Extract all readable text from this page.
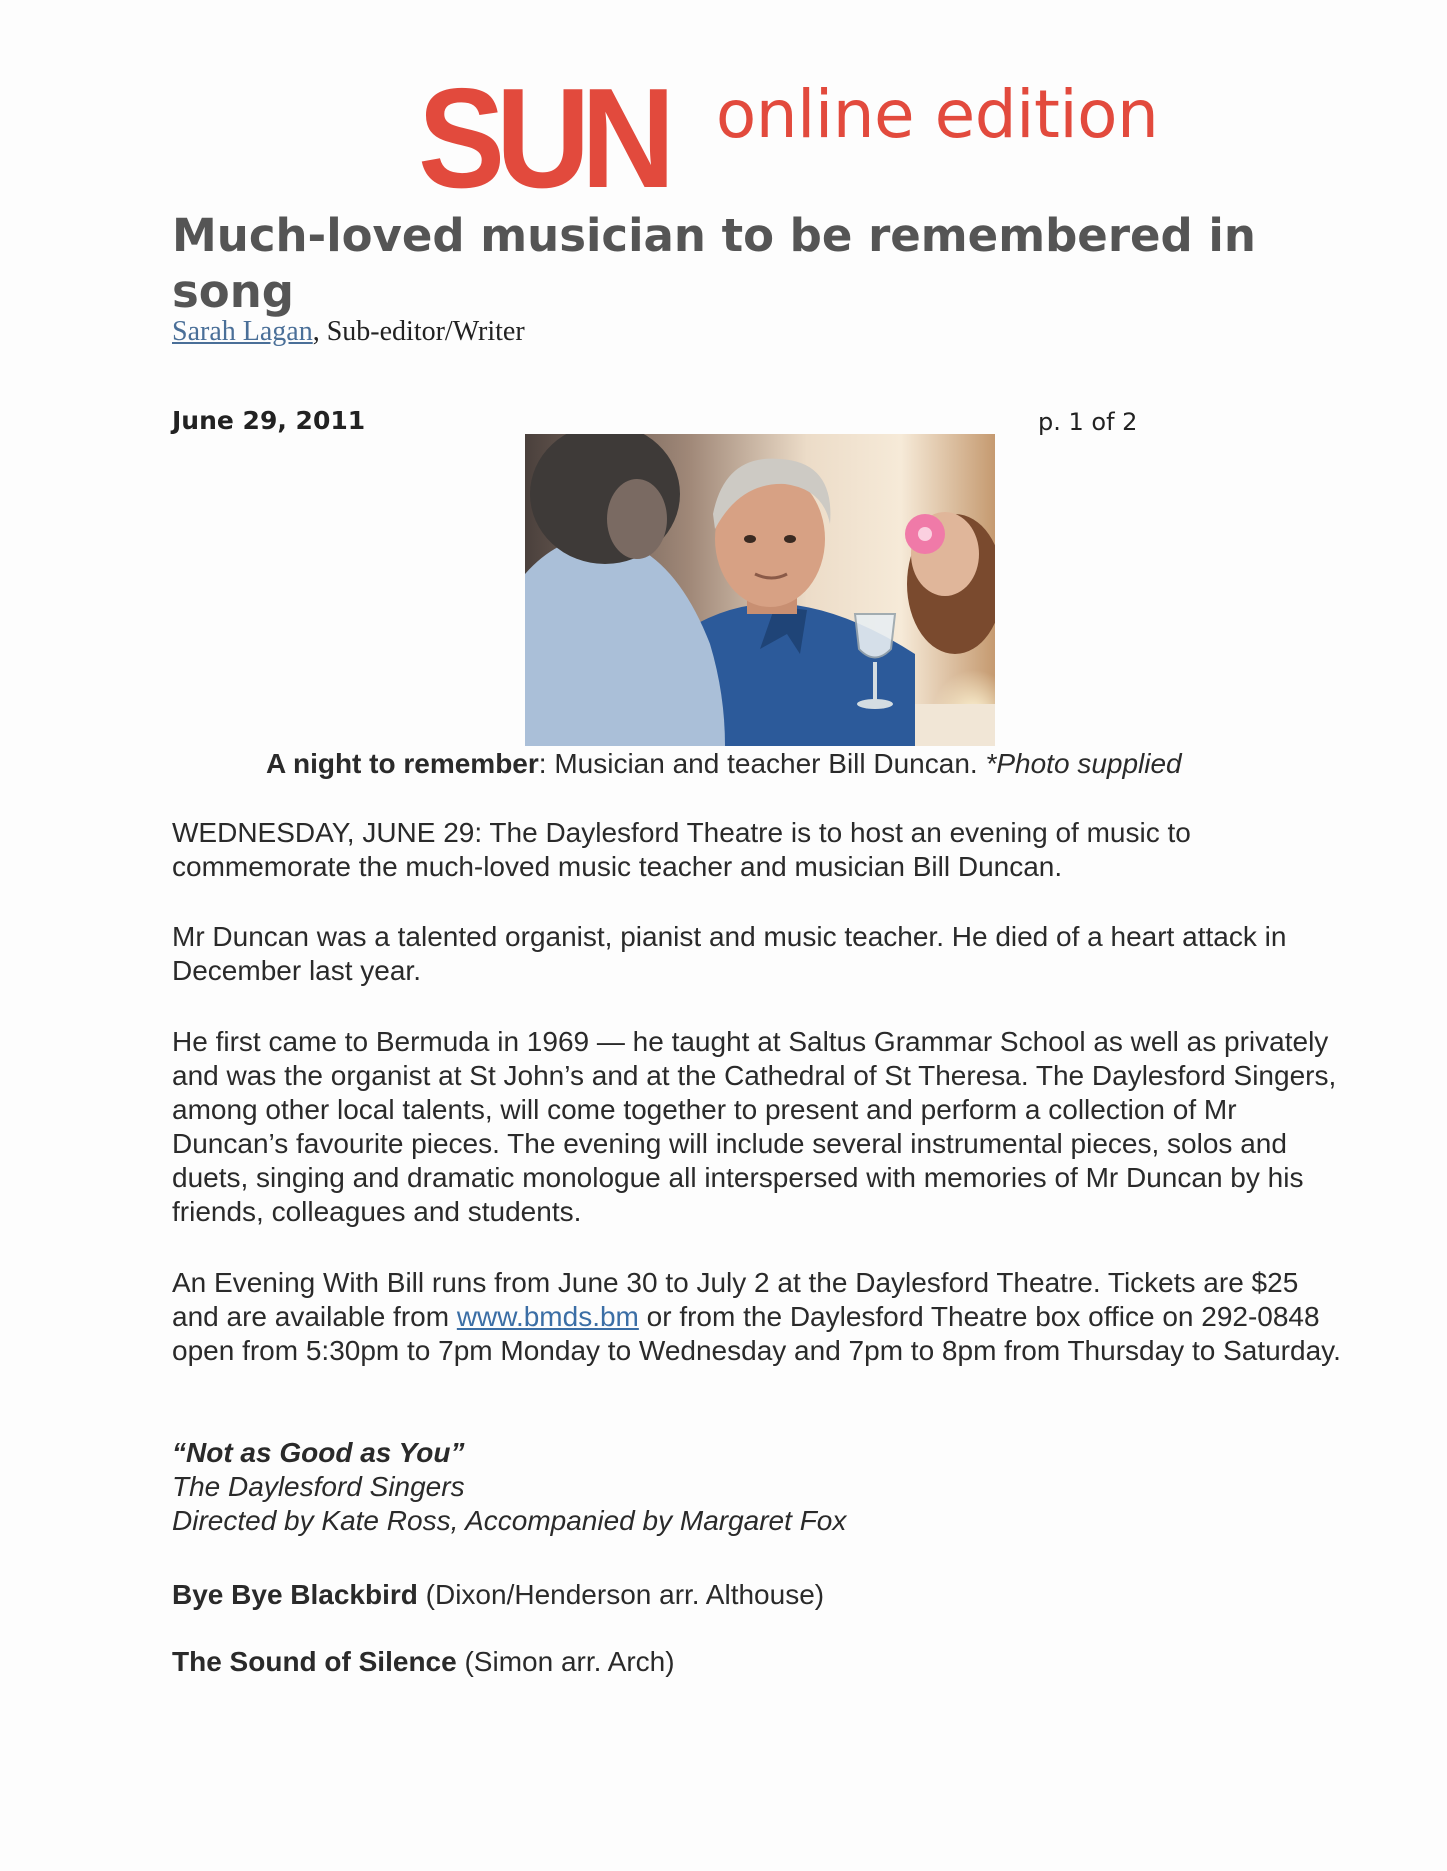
SUN online edition
Much-loved musician to be remembered in song
Sarah Lagan, Sub-editor/Writer
June 29, 2011	p. 1 of 2
A night to remember: Musician and teacher Bill Duncan. *Photo supplied

WEDNESDAY, JUNE 29: The Daylesford Theatre is to host an evening of music to commemorate the much-loved music teacher and musician Bill Duncan.

Mr Duncan was a talented organist, pianist and music teacher. He died of a heart attack in December last year.

He first came to Bermuda in 1969 — he taught at Saltus Grammar School as well as privately and was the organist at St John’s and at the Cathedral of St Theresa. The Daylesford Singers, among other local talents, will come together to present and perform a collection of Mr Duncan’s favourite pieces. The evening will include several instrumental pieces, solos and duets, singing and dramatic monologue all interspersed with memories of Mr Duncan by his friends, colleagues and students.

An Evening With Bill runs from June 30 to July 2 at the Daylesford Theatre. Tickets are $25 and are available from www.bmds.bm or from the Daylesford Theatre box office on 292-0848 open from 5:30pm to 7pm Monday to Wednesday and 7pm to 8pm from Thursday to Saturday.

“Not as Good as You”
The Daylesford Singers
Directed by Kate Ross, Accompanied by Margaret Fox

Bye Bye Blackbird (Dixon/Henderson arr. Althouse)

The Sound of Silence (Simon arr. Arch)
